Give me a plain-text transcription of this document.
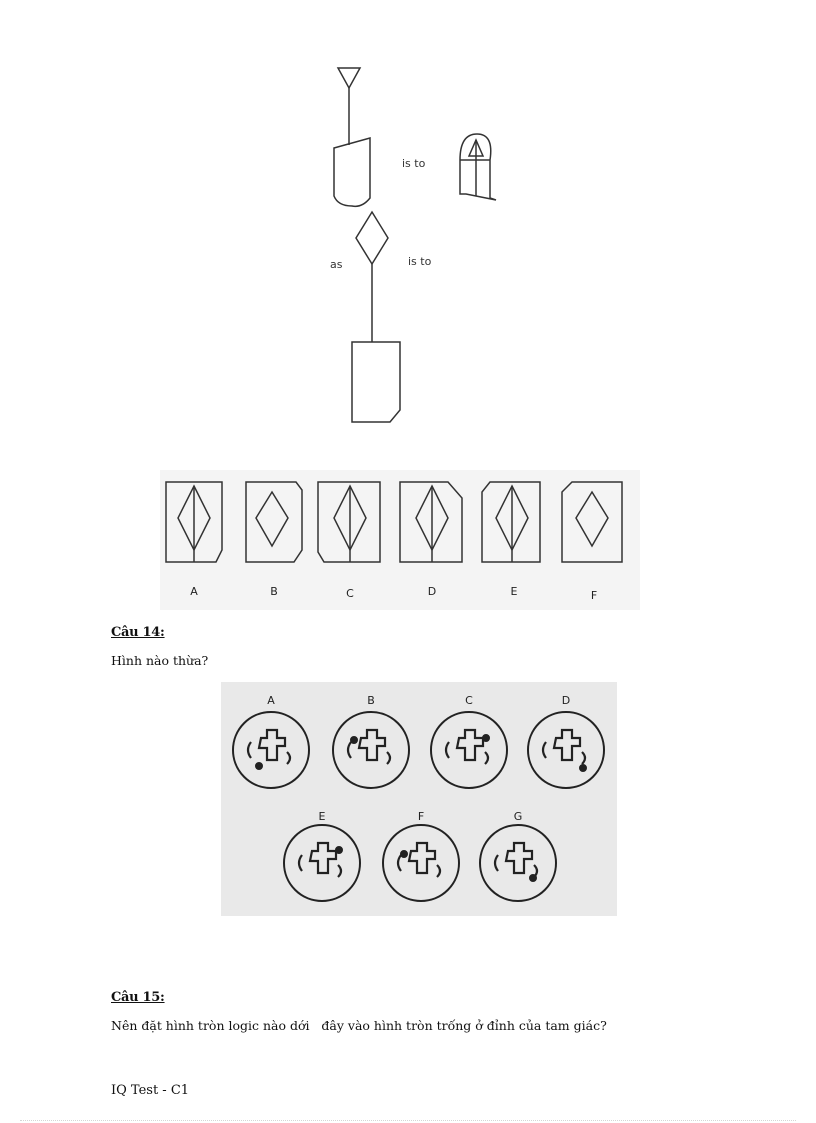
is to
as	is to
A	B	C	D	E	F
Câu 14:
Hình nào thừa?
A	B	C	D
E	F	G
Câu 15:
Nên đặt hình tròn logic nào dới   đây vào hình tròn trống ở đỉnh của tam giác?
IQ Test - C1
